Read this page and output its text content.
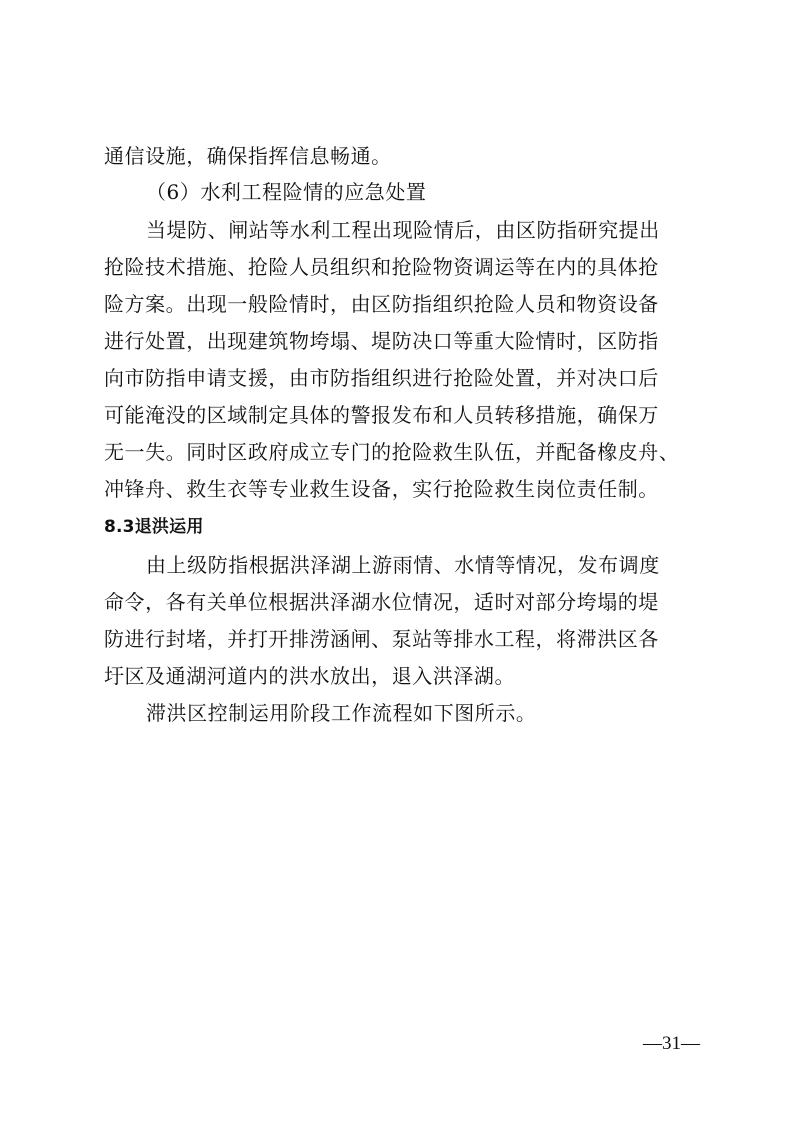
通信设施，确保指挥信息畅通。
（6）水利工程险情的应急处置
当堤防、闸站等水利工程出现险情后，由区防指研究提出
抢险技术措施、抢险人员组织和抢险物资调运等在内的具体抢
险方案。出现一般险情时，由区防指组织抢险人员和物资设备
进行处置，出现建筑物垮塌、堤防决口等重大险情时，区防指
向市防指申请支援，由市防指组织进行抢险处置，并对决口后
可能淹没的区域制定具体的警报发布和人员转移措施，确保万
无一失。同时区政府成立专门的抢险救生队伍，并配备橡皮舟、
冲锋舟、救生衣等专业救生设备，实行抢险救生岗位责任制。
8.3退洪运用
由上级防指根据洪泽湖上游雨情、水情等情况，发布调度
命令，各有关单位根据洪泽湖水位情况，适时对部分垮塌的堤
防进行封堵，并打开排涝涵闸、泵站等排水工程，将滞洪区各
圩区及通湖河道内的洪水放出，退入洪泽湖。
滞洪区控制运用阶段工作流程如下图所示。
—31—
